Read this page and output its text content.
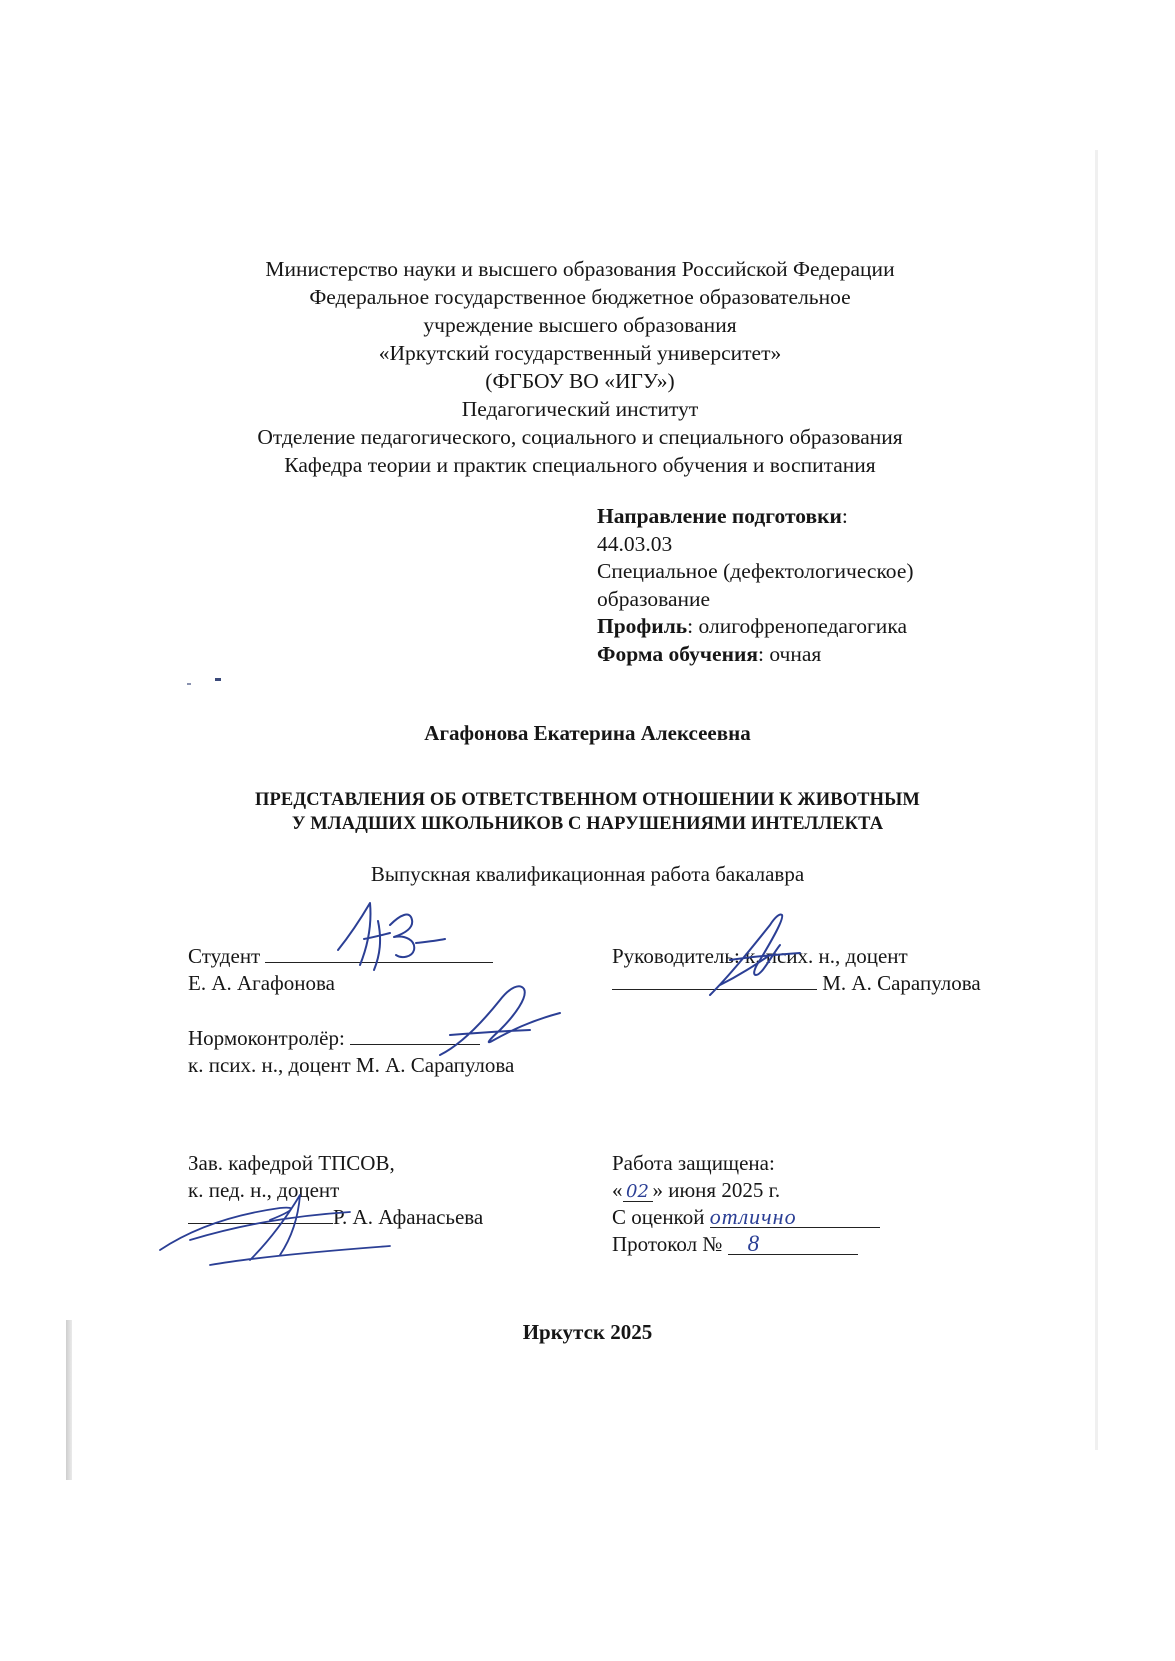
Министерство науки и высшего образования Российской Федерации
Федеральное государственное бюджетное образовательное
учреждение высшего образования
«Иркутский государственный университет»
(ФГБОУ ВО «ИГУ»)
Педагогический институт
Отделение педагогического, социального и специального образования
Кафедра теории и практик специального обучения и воспитания
Направление подготовки:
44.03.03
Специальное (дефектологическое)
образование
Профиль: олигофренопедагогика
Форма обучения: очная
Агафонова Екатерина Алексеевна
ПРЕДСТАВЛЕНИЯ ОБ ОТВЕТСТВЕННОМ ОТНОШЕНИИ К ЖИВОТНЫМ
У МЛАДШИХ ШКОЛЬНИКОВ С НАРУШЕНИЯМИ ИНТЕЛЛЕКТА
Выпускная квалификационная работа бакалавра
Студент
Е. А. Агафонова
Руководитель: к. псих. н., доцент
М. А. Сарапулова
Нормоконтролёр:
к. псих. н., доцент М. А. Сарапулова
Зав. кафедрой ТПСОВ,
к. пед. н., доцент
Р. А. Афанасьева
Работа защищена:
« 02 » июня 2025 г.
С оценкой отлично
Протокол № 8
Иркутск 2025
